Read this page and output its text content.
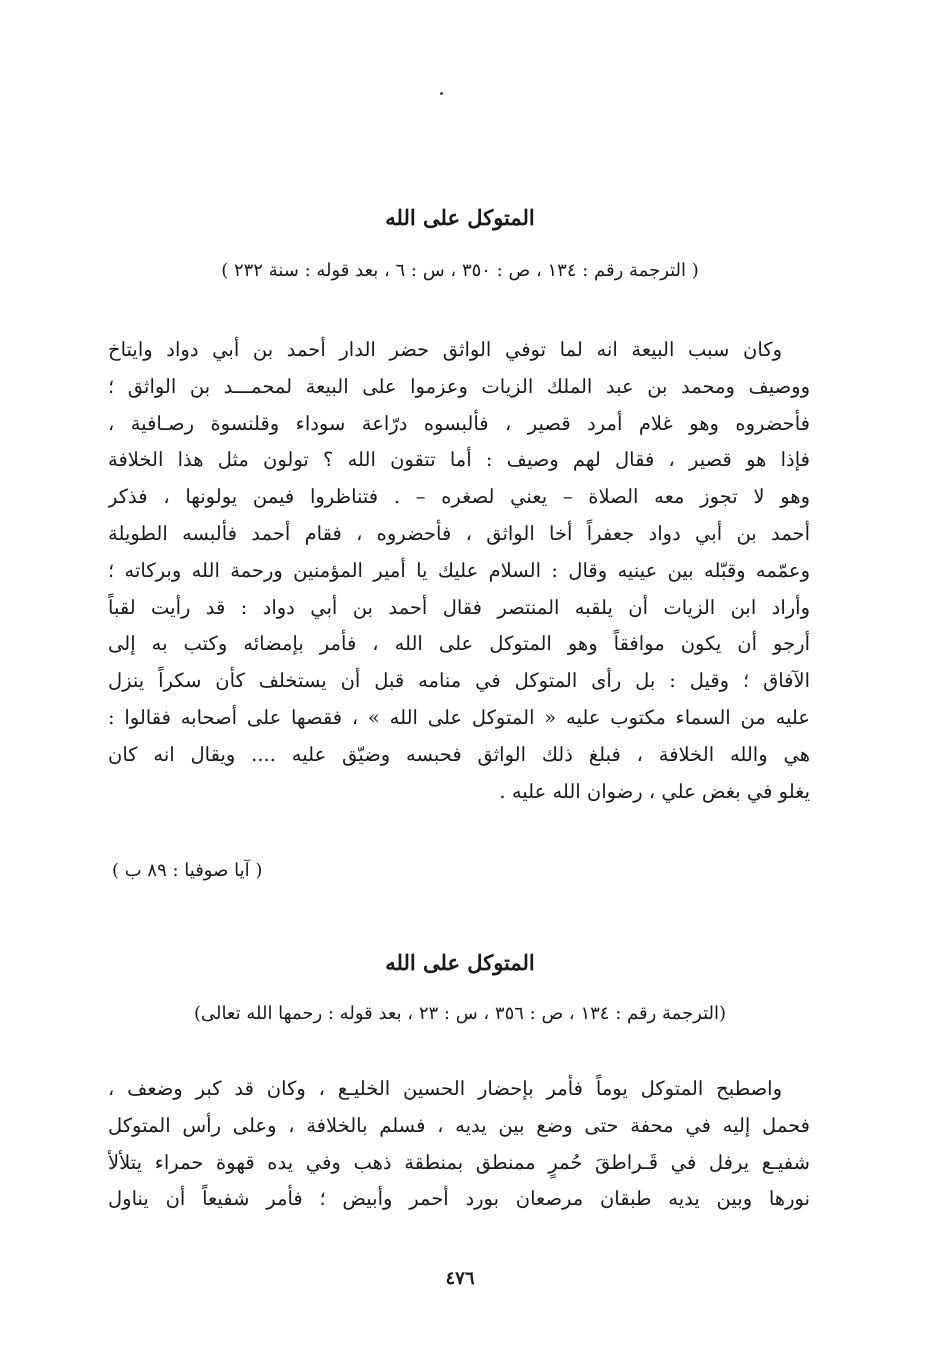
المتوكل على الله
( الترجمة رقم : ١٣٤ ، ص : ٣٥٠ ، س : ٦ ، بعد قوله : سنة ٢٣٢ )
وكان سبب البيعة انه لما توفي الواثق حضر الدار أحمد بن أبي دواد وايتاخ
ووصيف ومحمد بن عبد الملك الزيات وعزموا على البيعة لمحمـــد بن الواثق ؛
فأحضروه وهو غلام أمرد قصير ، فألبسوه درّاعة سوداء وقلنسوة رصـافية ،
فإذا هو قصير ، فقال لهم وصيف : أما تتقون الله ؟ تولون مثل هذا الخلافة
وهو لا تجوز معه الصلاة – يعني لصغره – . فتناظروا فيمن يولونها ، فذكر
أحمد بن أبي دواد جعفراً أخا الواثق ، فأحضروه ، فقام أحمد فألبسه الطويلة
وعمّمه وقبّله بين عينيه وقال : السلام عليك يا أمير المؤمنين ورحمة الله وبركاته ؛
وأراد ابن الزيات أن يلقبه المنتصر فقال أحمد بن أبي دواد : قد رأيت لقباً
أرجو أن يكون موافقاً وهو المتوكل على الله ، فأمر بإمضائه وكتب به إلى
الآفاق ؛ وقيل : بل رأى المتوكل في منامه قبل أن يستخلف كأن سكراً ينزل
عليه من السماء مكتوب عليه « المتوكل على الله » ، فقصها على أصحابه فقالوا :
هي والله الخلافة ، فبلغ ذلك الواثق فحبسه وضيّق عليه .... ويقال انه كان
يغلو في بغض علي ، رضوان الله عليه .
( آيا صوفيا : ٨٩ ب )
المتوكل على الله
(الترجمة رقم : ١٣٤ ، ص : ٣٥٦ ، س : ٢٣ ، بعد قوله : رحمها الله تعالى)
واصطبح المتوكل يوماً فأمر بإحضار الحسين الخليـع ، وكان قد كبر وضعف ،
فحمل إليه في محفة حتى وضع بين يديه ، فسلم بالخلافة ، وعلى رأس المتوكل
شفيـع يرفل في قَـراطقَ حُمرٍ ممنطق بمنطقة ذهب وفي يده قهوة حمراء يتلألأ
نورها وبين يديه طبقان مرصعان بورد أحمر وأبيض ؛ فأمر شفيعاً أن يناول
٤٧٦
